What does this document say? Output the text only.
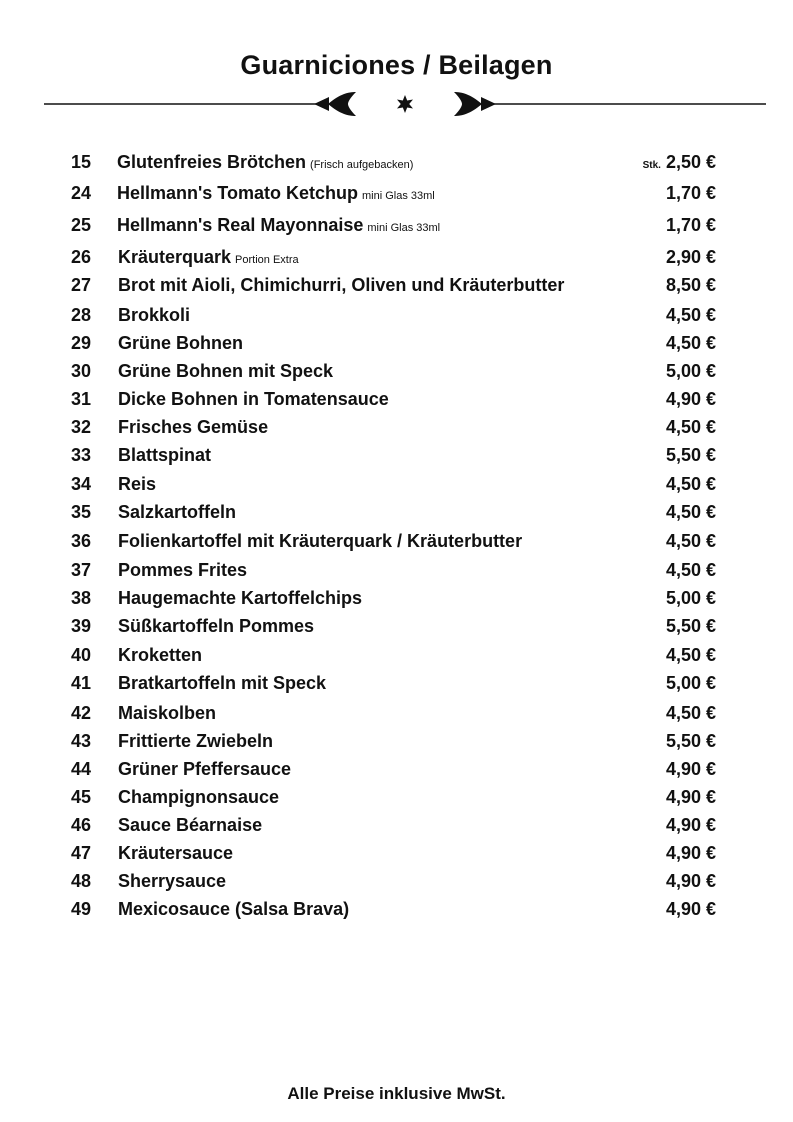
Guarniciones / Beilagen
15 Glutenfreies Brötchen (Frisch aufgebacken)	Stk. 2,50 €
24 Hellmann's Tomato Ketchup mini Glas 33ml	1,70 €
25 Hellmann's Real Mayonnaise mini Glas 33ml	1,70 €
26 Kräuterquark Portion Extra	2,90 €
27 Brot mit Aioli, Chimichurri, Oliven und Kräuterbutter	8,50 €
28 Brokkoli	4,50 €
29 Grüne Bohnen	4,50 €
30 Grüne Bohnen mit Speck	5,00 €
31 Dicke Bohnen in Tomatensauce	4,90 €
32 Frisches Gemüse	4,50 €
33 Blattspinat	5,50 €
34 Reis	4,50 €
35 Salzkartoffeln	4,50 €
36 Folienkartoffel mit Kräuterquark / Kräuterbutter	4,50 €
37 Pommes Frites	4,50 €
38 Haugemachte Kartoffelchips	5,00 €
39 Süßkartoffeln Pommes	5,50 €
40 Kroketten	4,50 €
41 Bratkartoffeln mit Speck	5,00 €
42 Maiskolben	4,50 €
43 Frittierte Zwiebeln	5,50 €
44 Grüner Pfeffersauce	4,90 €
45 Champignonsauce	4,90 €
46 Sauce Béarnaise	4,90 €
47 Kräutersauce	4,90 €
48 Sherrysauce	4,90 €
49 Mexicosauce (Salsa Brava)	4,90 €
Alle Preise inklusive MwSt.
